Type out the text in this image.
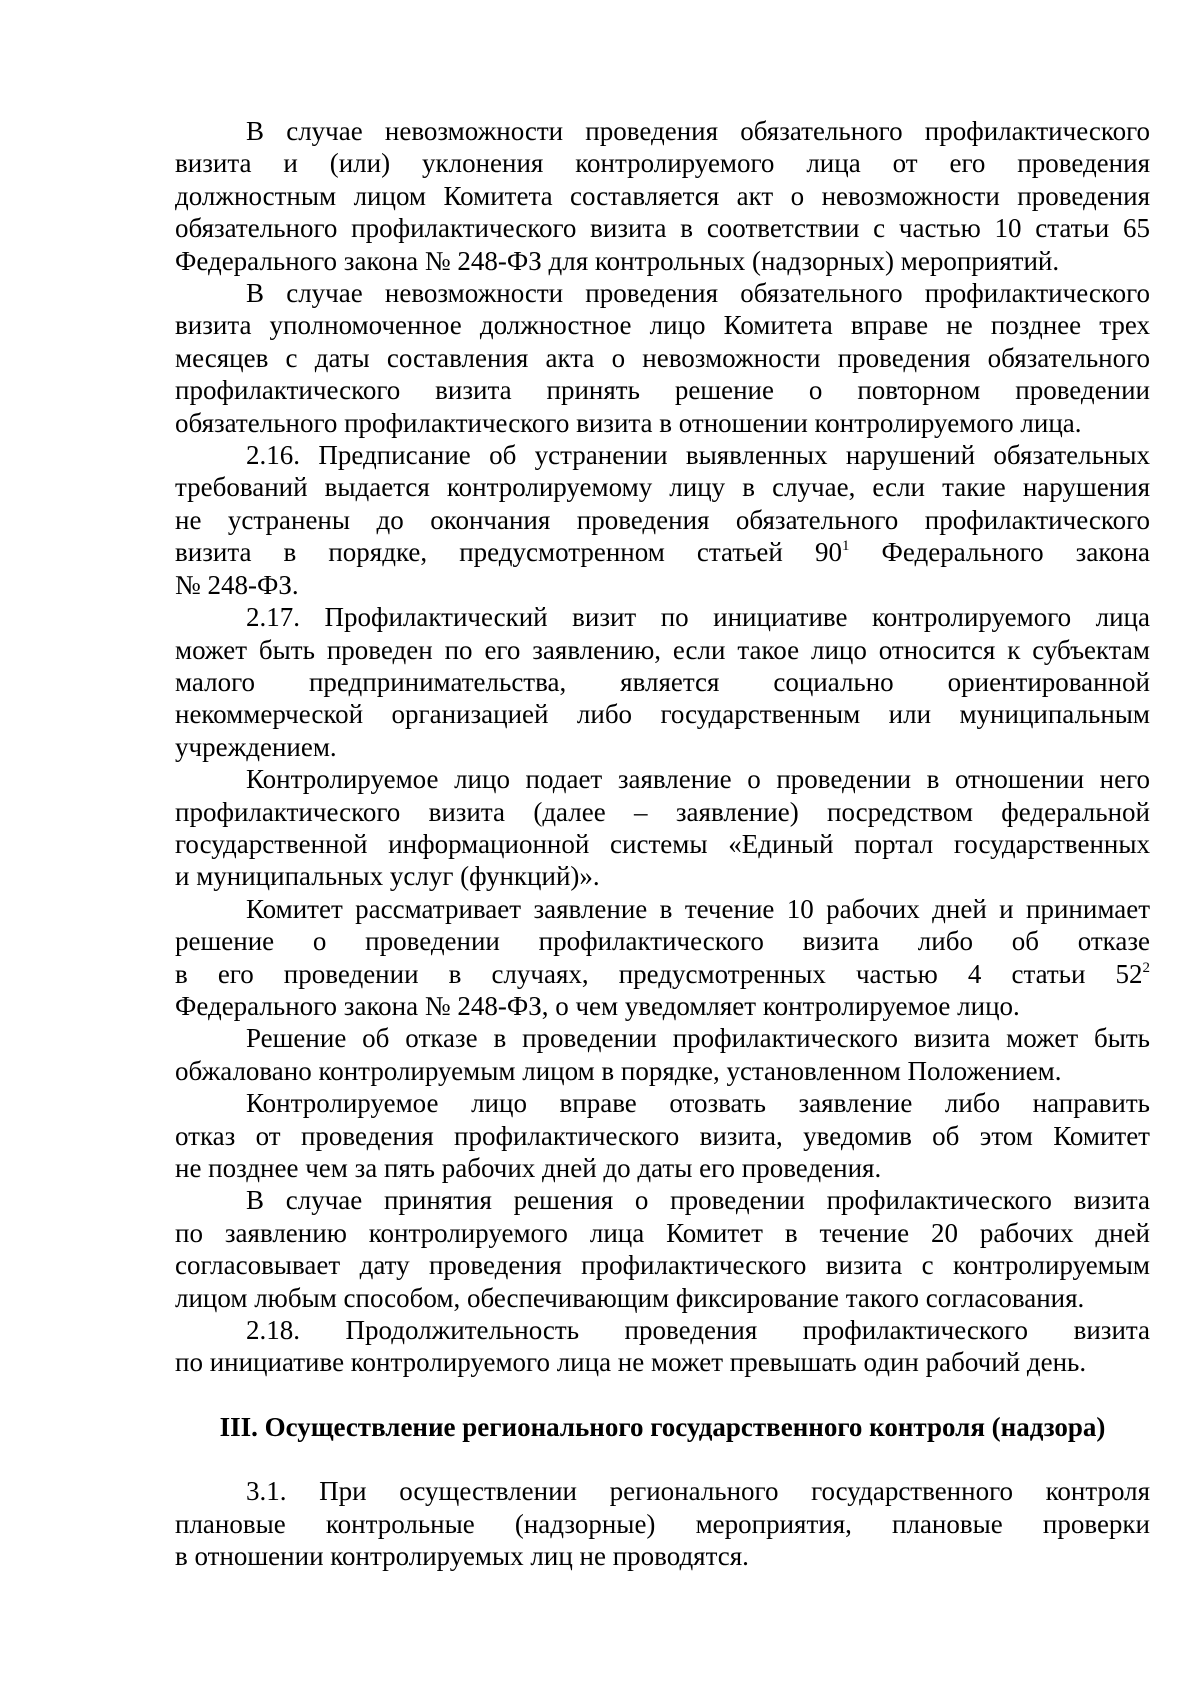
В случае невозможности проведения обязательного профилактического
визита и (или) уклонения контролируемого лица от его проведения
должностным лицом Комитета составляется акт о невозможности проведения
обязательного профилактического визита в соответствии с частью 10 статьи 65
Федерального закона № 248-ФЗ для контрольных (надзорных) мероприятий.
В случае невозможности проведения обязательного профилактического
визита уполномоченное должностное лицо Комитета вправе не позднее трех
месяцев с даты составления акта о невозможности проведения обязательного
профилактического визита принять решение о повторном проведении
обязательного профилактического визита в отношении контролируемого лица.
2.16. Предписание об устранении выявленных нарушений обязательных
требований выдается контролируемому лицу в случае, если такие нарушения
не устранены до окончания проведения обязательного профилактического
визита в порядке, предусмотренном статьей $90^1$ Федерального закона
№ 248-ФЗ.
2.17. Профилактический визит по инициативе контролируемого лица
может быть проведен по его заявлению, если такое лицо относится к субъектам
малого предпринимательства, является социально ориентированной
некоммерческой организацией либо государственным или муниципальным
учреждением.
Контролируемое лицо подает заявление о проведении в отношении него
профилактического визита (далее – заявление) посредством федеральной
государственной информационной системы «Единый портал государственных
и муниципальных услуг (функций)».
Комитет рассматривает заявление в течение 10 рабочих дней и принимает
решение о проведении профилактического визита либо об отказе
в его проведении в случаях, предусмотренных частью 4 статьи $52^2$
Федерального закона № 248-ФЗ, о чем уведомляет контролируемое лицо.
Решение об отказе в проведении профилактического визита может быть
обжаловано контролируемым лицом в порядке, установленном Положением.
Контролируемое лицо вправе отозвать заявление либо направить
отказ от проведения профилактического визита, уведомив об этом Комитет
не позднее чем за пять рабочих дней до даты его проведения.
В случае принятия решения о проведении профилактического визита
по заявлению контролируемого лица Комитет в течение 20 рабочих дней
согласовывает дату проведения профилактического визита с контролируемым
лицом любым способом, обеспечивающим фиксирование такого согласования.
2.18. Продолжительность проведения профилактического визита
по инициативе контролируемого лица не может превышать один рабочий день.
III. Осуществление регионального государственного контроля (надзора)
3.1. При осуществлении регионального государственного контроля
плановые контрольные (надзорные) мероприятия, плановые проверки
в отношении контролируемых лиц не проводятся.
